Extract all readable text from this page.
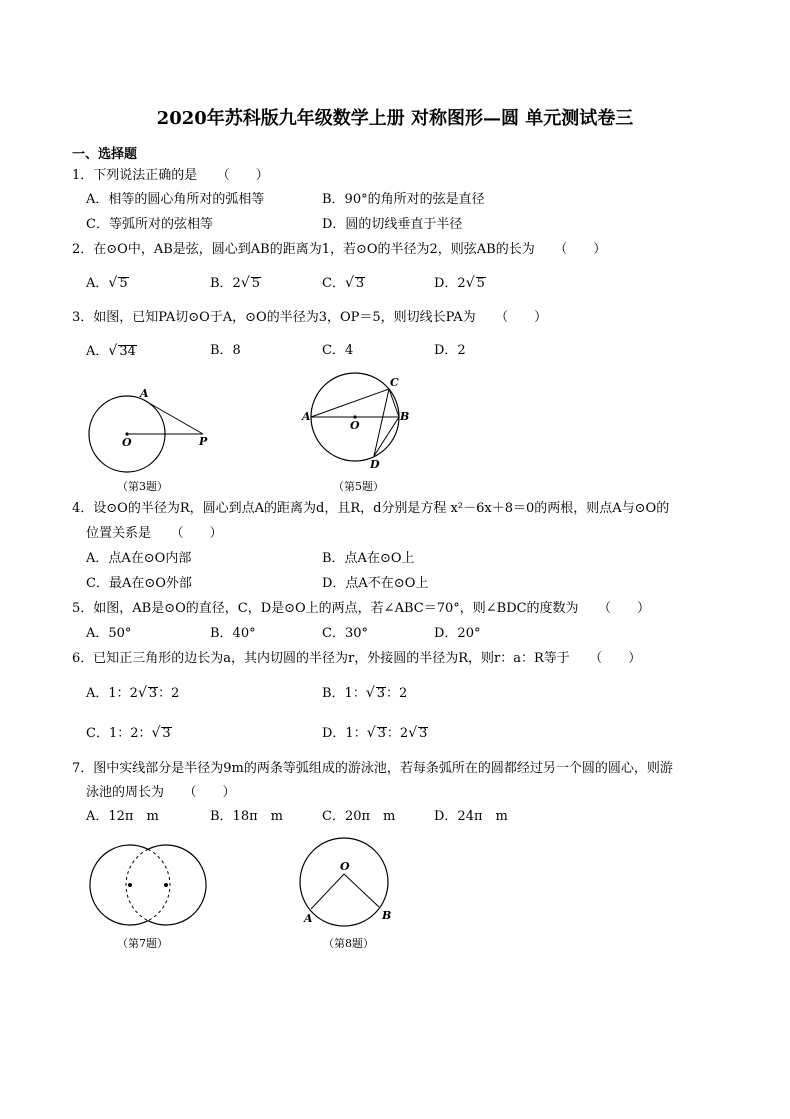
2020年苏科版九年级数学上册 对称图形—圆 单元测试卷三
一、选择题
1．下列说法正确的是　　（　　）
A．相等的圆心角所对的弧相等	B．90°的角所对的弦是直径
C．等弧所对的弦相等	D．圆的切线垂直于半径
2．在⊙O中，AB是弦，圆心到AB的距离为1，若⊙O的半径为2，则弦AB的长为　　（　　）
A．√ 5	B．2√ 5	C．√ 3	D．2√ 5
3．如图，已知PA切⊙O于A，⊙O的半径为3，OP＝5，则切线长PA为　　（　　）
A．√ 34	B．8	C．4	D．2
A
O	P
（第3题）
A
O
B
C
D
（第5题）
4．设⊙O的半径为R，圆心到点A的距离为d，且R，d分别是方程 x²－6x＋8＝0的两根，则点A与⊙O的
位置关系是　　（　　）
A．点A在⊙O内部	B．点A在⊙O上
C．最A在⊙O外部	D．点A不在⊙O上
5．如图，AB是⊙O的直径，C，D是⊙O上的两点，若∠ABC＝70°，则∠BDC的度数为　　（　　）
A．50°	B．40°	C．30°	D．20°
6．已知正三角形的边长为a，其内切圆的半径为r，外接圆的半径为R，则r：a：R等于　　（　　）
A．1：2√ 3：2	B．1：√ 3：2
C．1：2：√ 3	D．1：√ 3：2√ 3
7．图中实线部分是半径为9m的两条等弧组成的游泳池，若每条弧所在的圆都经过另一个圆的圆心，则游
泳池的周长为　　（　　）
A．12π　m	B．18π　m	C．20π　m	D．24π　m
（第7题）
O
A	B
（第8题）
